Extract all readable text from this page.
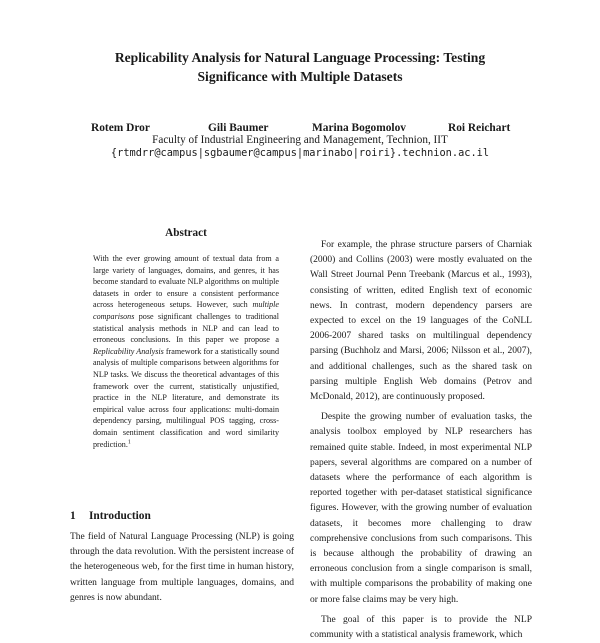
Replicability Analysis for Natural Language Processing: Testing
Significance with Multiple Datasets
Rotem Dror	Gili Baumer	Marina Bogomolov	Roi Reichart
Faculty of Industrial Engineering and Management, Technion, IIT
{rtmdrr@campus|sgbaumer@campus|marinabo|roiri}.technion.ac.il
Abstract
With the ever growing amount of textual data from a large variety of languages, domains, and genres, it has become standard to evaluate NLP algorithms on multiple datasets in order to ensure a consistent performance across heterogeneous setups. However, such multiple comparisons pose significant challenges to traditional statistical analysis methods in NLP and can lead to erroneous conclusions. In this paper we propose a Replicability Analysis framework for a statistically sound analysis of multiple comparisons between algorithms for NLP tasks. We discuss the theoretical advantages of this framework over the current, statistically unjustified, practice in the NLP literature, and demonstrate its empirical value across four applications: multi-domain dependency parsing, multilingual POS tagging, cross-domain sentiment classification and word similarity prediction.$^1$
1 Introduction
The field of Natural Language Processing (NLP) is going through the data revolution. With the persistent increase of the heterogeneous web, for the first time in human history, written language from multiple languages, domains, and genres is now abundant.

For example, the phrase structure parsers of Charniak (2000) and Collins (2003) were mostly evaluated on the Wall Street Journal Penn Treebank (Marcus et al., 1993), consisting of written, edited English text of economic news. In contrast, modern dependency parsers are expected to excel on the 19 languages of the CoNLL 2006-2007 shared tasks on multilingual dependency parsing (Buchholz and Marsi, 2006; Nilsson et al., 2007), and additional challenges, such as the shared task on parsing multiple English Web domains (Petrov and McDonald, 2012), are continuously proposed.

Despite the growing number of evaluation tasks, the analysis toolbox employed by NLP researchers has remained quite stable. Indeed, in most experimental NLP papers, several algorithms are compared on a number of datasets where the performance of each algorithm is reported together with per-dataset statistical significance figures. However, with the growing number of evaluation datasets, it becomes more challenging to draw comprehensive conclusions from such comparisons. This is because although the probability of drawing an erroneous conclusion from a single comparison is small, with multiple comparisons the probability of making one or more false claims may be very high.

The goal of this paper is to provide the NLP community with a statistical analysis framework, which
